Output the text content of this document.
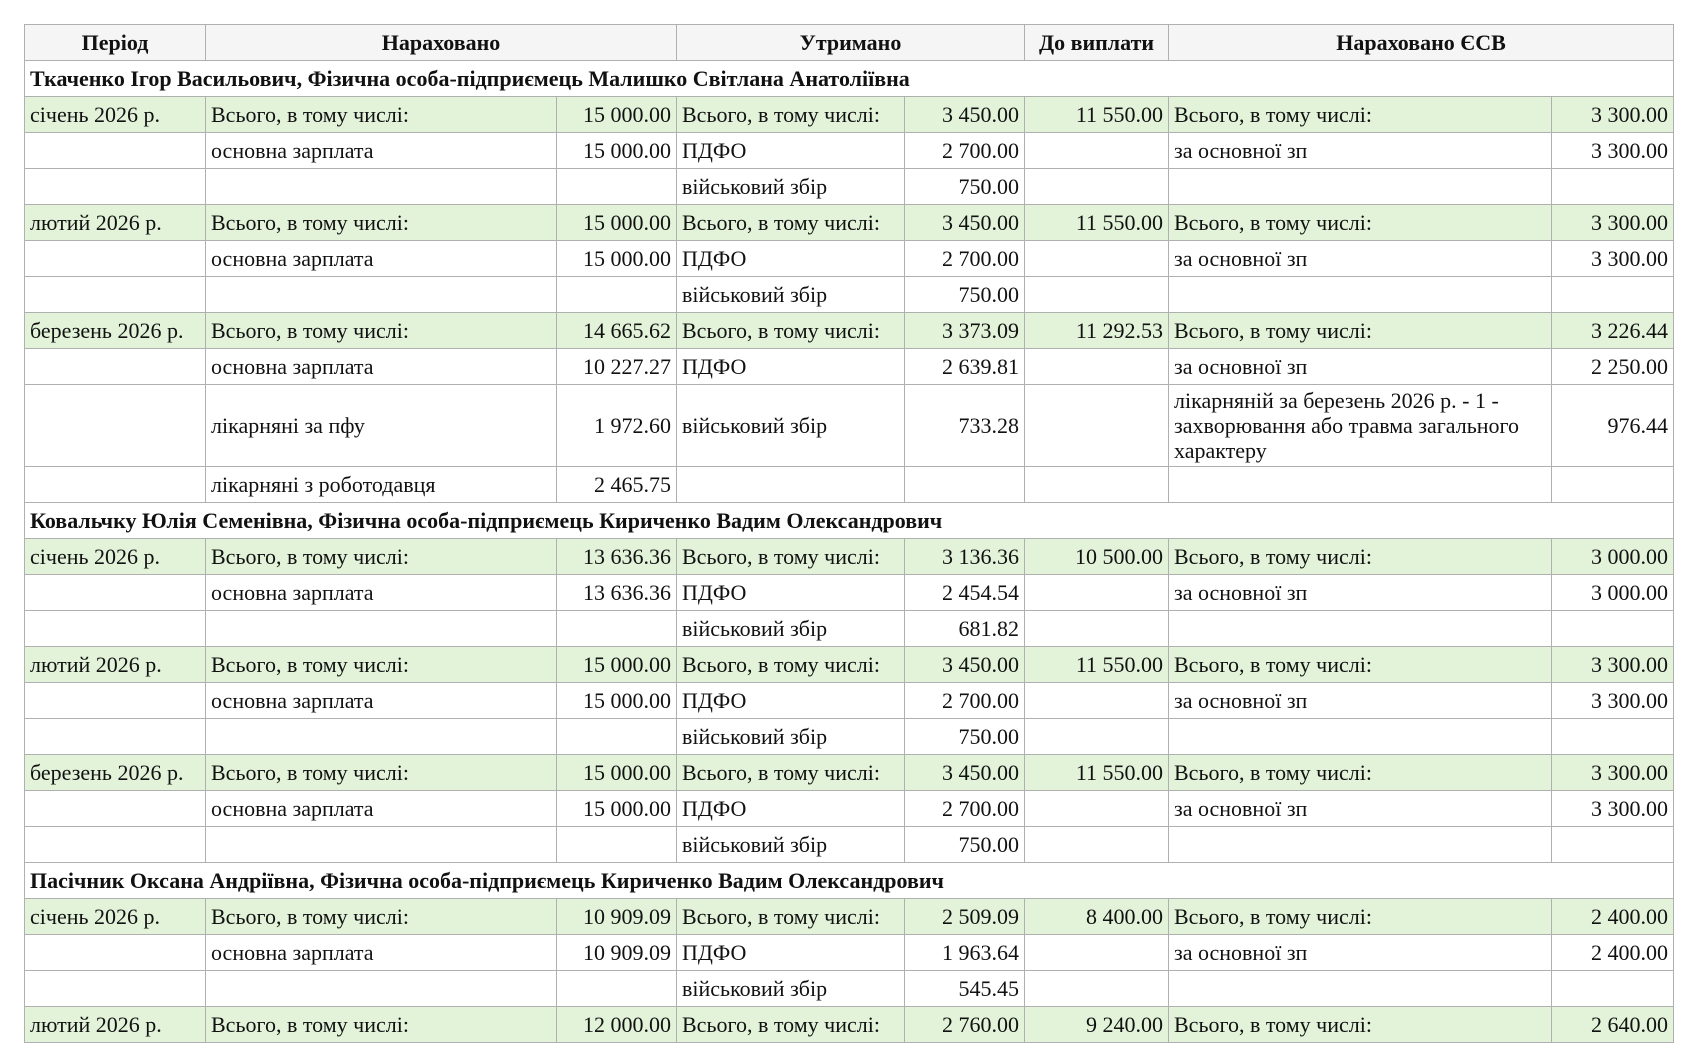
Період	Нараховано		Утримано		До виплати	Нараховано ЄСВ	
Ткаченко Ігор Васильович, Фізична особа-підприємець Малишко Світлана Анатоліївна							
січень 2026 р.	Всього, в тому числі:	15 000.00	Всього, в тому числі:	3 450.00	11 550.00	Всього, в тому числі:	3 300.00
	основна зарплата	15 000.00	ПДФО	2 700.00		за основної зп	3 300.00
			військовий збір	750.00			
лютий 2026 р.	Всього, в тому числі:	15 000.00	Всього, в тому числі:	3 450.00	11 550.00	Всього, в тому числі:	3 300.00
	основна зарплата	15 000.00	ПДФО	2 700.00		за основної зп	3 300.00
			військовий збір	750.00			
березень 2026 р.	Всього, в тому числі:	14 665.62	Всього, в тому числі:	3 373.09	11 292.53	Всього, в тому числі:	3 226.44
	основна зарплата	10 227.27	ПДФО	2 639.81		за основної зп	2 250.00
	лікарняні за пфу	1 972.60	військовий збір	733.28		лікарняній за березень 2026 р. - 1 - захворювання або травма загального характеру	976.44
	лікарняні з роботодавця	2 465.75					
Ковальчку Юлія Семенівна, Фізична особа-підприємець Кириченко Вадим Олександрович							
січень 2026 р.	Всього, в тому числі:	13 636.36	Всього, в тому числі:	3 136.36	10 500.00	Всього, в тому числі:	3 000.00
	основна зарплата	13 636.36	ПДФО	2 454.54		за основної зп	3 000.00
			військовий збір	681.82			
лютий 2026 р.	Всього, в тому числі:	15 000.00	Всього, в тому числі:	3 450.00	11 550.00	Всього, в тому числі:	3 300.00
	основна зарплата	15 000.00	ПДФО	2 700.00		за основної зп	3 300.00
			військовий збір	750.00			
березень 2026 р.	Всього, в тому числі:	15 000.00	Всього, в тому числі:	3 450.00	11 550.00	Всього, в тому числі:	3 300.00
	основна зарплата	15 000.00	ПДФО	2 700.00		за основної зп	3 300.00
			військовий збір	750.00			
Пасічник Оксана Андріївна, Фізична особа-підприємець Кириченко Вадим Олександрович							
січень 2026 р.	Всього, в тому числі:	10 909.09	Всього, в тому числі:	2 509.09	8 400.00	Всього, в тому числі:	2 400.00
	основна зарплата	10 909.09	ПДФО	1 963.64		за основної зп	2 400.00
			військовий збір	545.45			
лютий 2026 р.	Всього, в тому числі:	12 000.00	Всього, в тому числі:	2 760.00	9 240.00	Всього, в тому числі:	2 640.00
